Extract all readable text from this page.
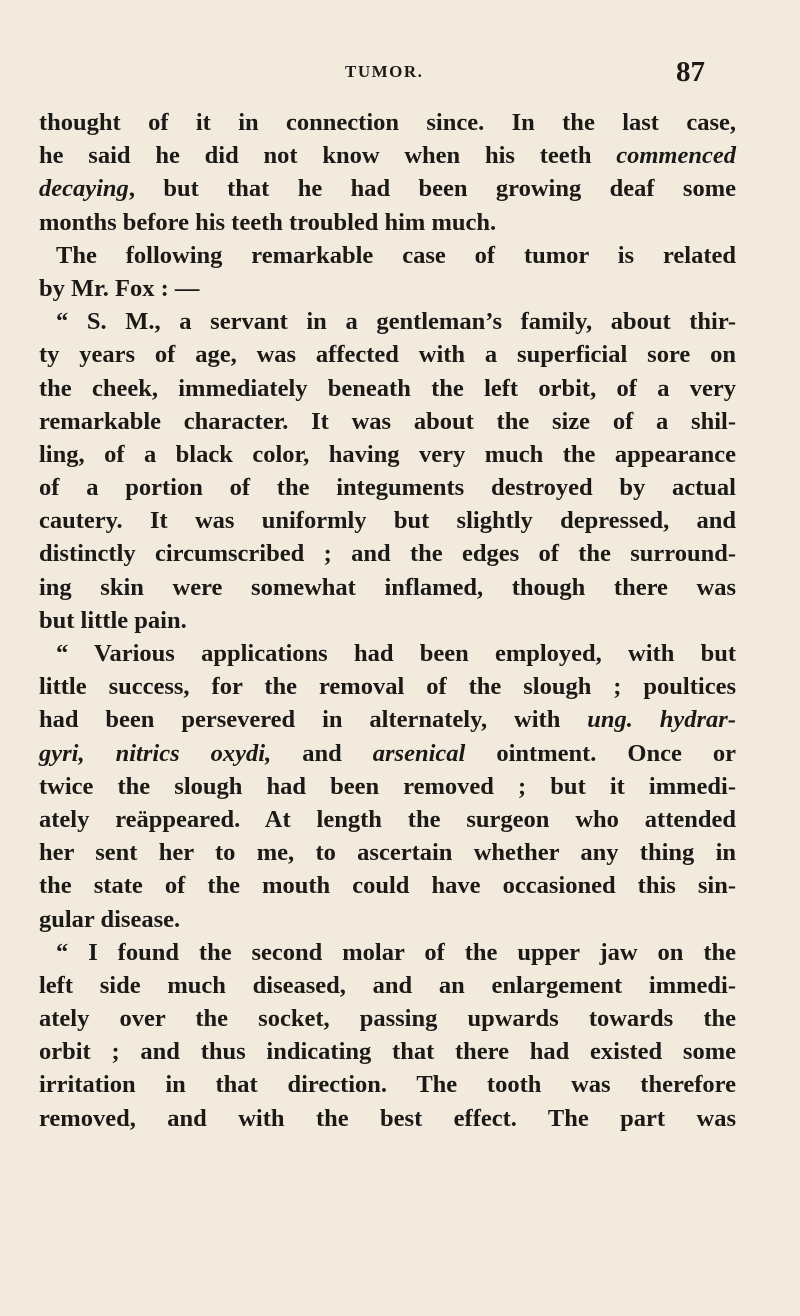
TUMOR.	87
thought of it in connection since. In the last case,
he said he did not know when his teeth commenced
decaying, but that he had been growing deaf some
months before his teeth troubled him much.
The following remarkable case of tumor is related
by Mr. Fox : —
“ S. M., a servant in a gentleman’s family, about thir-
ty years of age, was affected with a superficial sore on
the cheek, immediately beneath the left orbit, of a very
remarkable character. It was about the size of a shil-
ling, of a black color, having very much the appearance
of a portion of the integuments destroyed by actual
cautery. It was uniformly but slightly depressed, and
distinctly circumscribed ; and the edges of the surround-
ing skin were somewhat inflamed, though there was
but little pain.
“ Various applications had been employed, with but
little success, for the removal of the slough ; poultices
had been persevered in alternately, with ung. hydrar-
gyri, nitrics oxydi, and arsenical ointment. Once or
twice the slough had been removed ; but it immedi-
ately reäppeared. At length the surgeon who attended
her sent her to me, to ascertain whether any thing in
the state of the mouth could have occasioned this sin-
gular disease.
“ I found the second molar of the upper jaw on the
left side much diseased, and an enlargement immedi-
ately over the socket, passing upwards towards the
orbit ; and thus indicating that there had existed some
irritation in that direction. The tooth was therefore
removed, and with the best effect. The part was
